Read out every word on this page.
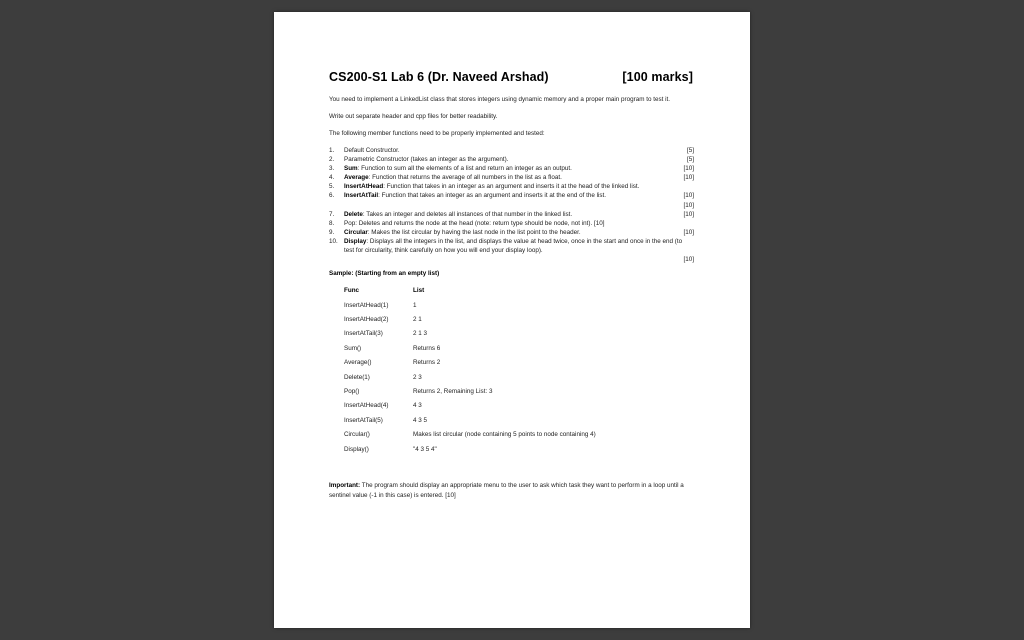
CS200-S1 Lab 6 (Dr. Naveed Arshad)	[100 marks]

You need to implement a LinkedList class that stores integers using dynamic memory and a proper main program to test it.

Write out separate header and cpp files for better readability.

The following member functions need to be properly implemented and tested:

1. Default Constructor.	[5]
2. Parametric Constructor (takes an integer as the argument).	[5]
3. Sum: Function to sum all the elements of a list and return an integer as an output.	[10]
4. Average: Function that returns the average of all numbers in the list as a float.	[10]
5. InsertAtHead: Function that takes in an integer as an argument and inserts it at the head of the linked list.
[10]
6. InsertAtTail: Function that takes an integer as an argument and inserts it at the end of the list.
[10]
7. Delete: Takes an integer and deletes all instances of that number in the linked list.	[10]
8. Pop: Deletes and returns the node at the head (note: return type should be node, not int). [10]
9. Circular: Makes the list circular by having the last node in the list point to the header.	[10]
10. Display: Displays all the integers in the list, and displays the value at head twice, once in the start and once in the end (to test for circularity, think carefully on how you will end your display loop).
[10]
Sample: (Starting from an empty list)
Func	List
InsertAtHead(1)	1
InsertAtHead(2)	2 1
InsertAtTail(3)	2 1 3
Sum()	Returns 6
Average()	Returns 2
Delete(1)	2 3
Pop()	Returns 2, Remaining List: 3
InsertAtHead(4)	4 3
InsertAtTail(5)	4 3 5
Circular()	Makes list circular (node containing 5 points to node containing 4)
Display()	"4 3 5 4"
Important: The program should display an appropriate menu to the user to ask which task they want to perform in a loop until a sentinel value (-1 in this case) is entered. [10]
